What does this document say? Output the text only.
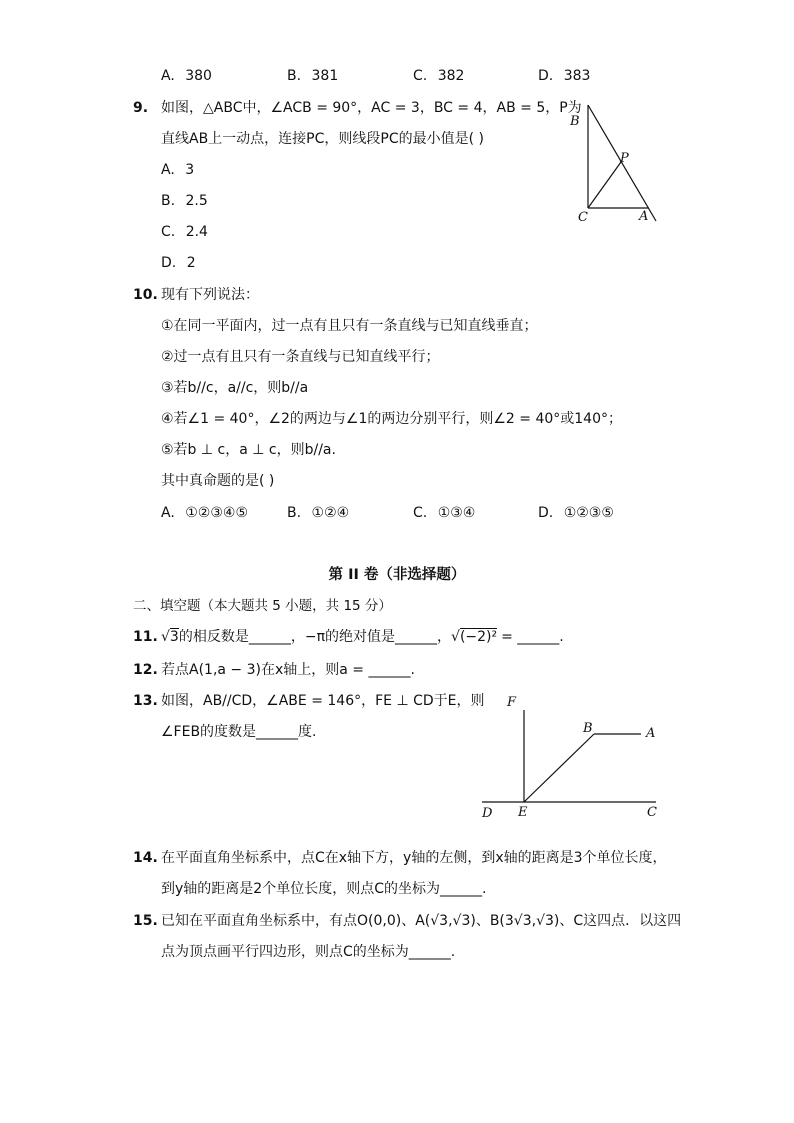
A. 380	B. 381	C. 382	D. 383
9. 如图，△ABC中，∠ACB = 90°，AC = 3，BC = 4，AB = 5，P为
直线AB上一动点，连接PC，则线段PC的最小值是( )
A. 3
B. 2.5
C. 2.4
D. 2
B
P
C	A
10. 现有下列说法：
①在同一平面内，过一点有且只有一条直线与已知直线垂直；
②过一点有且只有一条直线与已知直线平行；
③若b//c，a//c，则b//a
④若∠1 = 40°，∠2的两边与∠1的两边分别平行，则∠2 = 40°或140°；
⑤若b ⊥ c，a ⊥ c，则b//a.
其中真命题的是( )
A. ①②③④⑤	B. ①②④	C. ①③④	D. ①②③⑤
第 II 卷（非选择题）
二、填空题（本大题共 5 小题，共 15 分）
11. √3的相反数是______，−π的绝对值是______，√(−2)² = ______.
12. 若点A(1,a − 3)在x轴上，则a = ______.
13. 如图，AB//CD，∠ABE = 146°，FE ⊥ CD于E，则
∠FEB的度数是______度.
F
B	A
D E	C
14. 在平面直角坐标系中，点C在x轴下方，y轴的左侧，到x轴的距离是3个单位长度，
到y轴的距离是2个单位长度，则点C的坐标为______.
15. 已知在平面直角坐标系中，有点O(0,0)、A(√3,√3)、B(3√3,√3)、C这四点．以这四
点为顶点画平行四边形，则点C的坐标为______.
